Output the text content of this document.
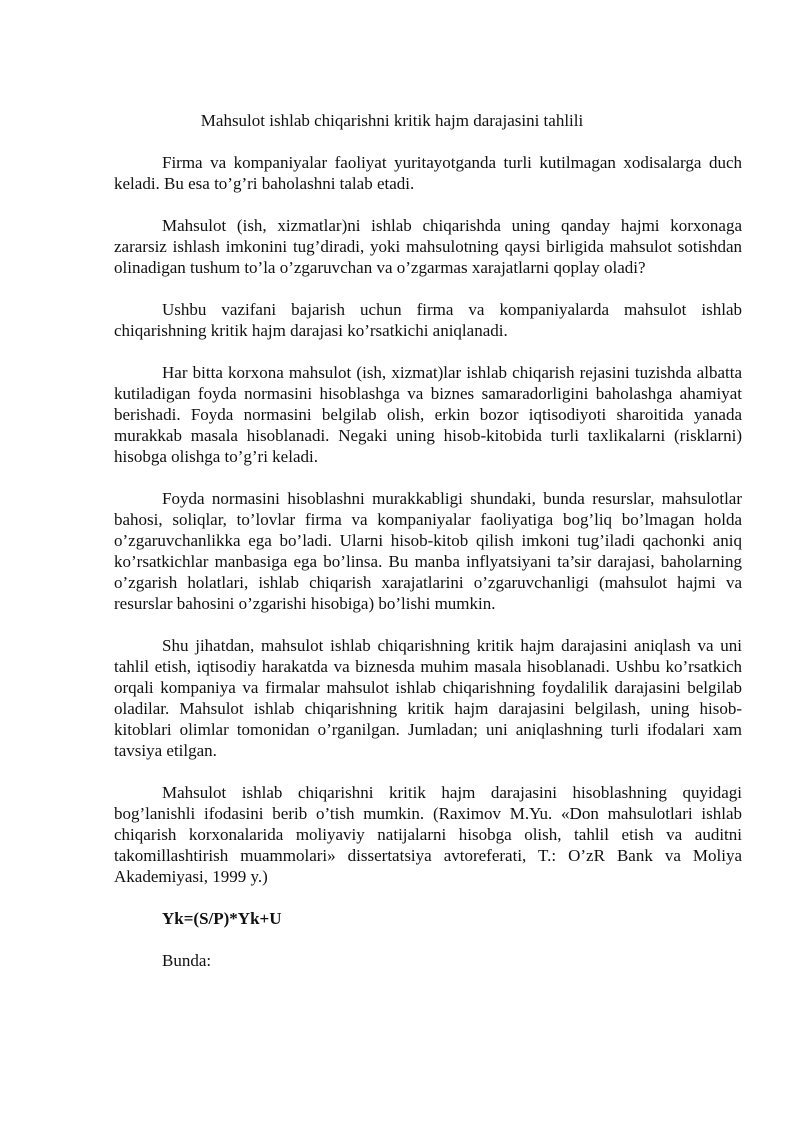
Mahsulot ishlab chiqarishni kritik hajm darajasini tahlili

Firma va kompaniyalar faoliyat yuritayotganda turli kutilmagan xodisalarga duch keladi. Bu esa to’g’ri baholashni talab etadi.

Mahsulot (ish, xizmatlar)ni ishlab chiqarishda uning qanday hajmi korxonaga zararsiz ishlash imkonini tug’diradi, yoki mahsulotning qaysi birligida mahsulot sotishdan olinadigan tushum to’la o’zgaruvchan va o’zgarmas xarajatlarni qoplay oladi?

Ushbu vazifani bajarish uchun firma va kompaniyalarda mahsulot ishlab chiqarishning kritik hajm darajasi ko’rsatkichi aniqlanadi.

Har bitta korxona mahsulot (ish, xizmat)lar ishlab chiqarish rejasini tuzishda albatta kutiladigan foyda normasini hisoblashga va biznes samaradorligini baholashga ahamiyat berishadi. Foyda normasini belgilab olish, erkin bozor iqtisodiyoti sharoitida yanada murakkab masala hisoblanadi. Negaki uning hisob-kitobida turli taxlikalarni (risklarni) hisobga olishga to’g’ri keladi.

Foyda normasini hisoblashni murakkabligi shundaki, bunda resurslar, mahsulotlar bahosi, soliqlar, to’lovlar firma va kompaniyalar faoliyatiga bog’liq bo’lmagan holda o’zgaruvchanlikka ega bo’ladi. Ularni hisob-kitob qilish imkoni tug’iladi qachonki aniq ko’rsatkichlar manbasiga ega bo’linsa. Bu manba inflyatsiyani ta’sir darajasi, baholarning o’zgarish holatlari, ishlab chiqarish xarajatlarini o’zgaruvchanligi (mahsulot hajmi va resurslar bahosini o’zgarishi hisobiga) bo’lishi mumkin.

Shu jihatdan, mahsulot ishlab chiqarishning kritik hajm darajasini aniqlash va uni tahlil etish, iqtisodiy harakatda va biznesda muhim masala hisoblanadi. Ushbu ko’rsatkich orqali kompaniya va firmalar mahsulot ishlab chiqarishning foydalilik darajasini belgilab oladilar. Mahsulot ishlab chiqarishning kritik hajm darajasini belgilash, uning hisob-kitoblari olimlar tomonidan o’rganilgan. Jumladan; uni aniqlashning turli ifodalari xam tavsiya etilgan.

Mahsulot ishlab chiqarishni kritik hajm darajasini hisoblashning quyidagi bog’lanishli ifodasini berib o’tish mumkin. (Raximov M.Yu. «Don mahsulotlari ishlab chiqarish korxonalarida moliyaviy natijalarni hisobga olish, tahlil etish va auditni takomillashtirish muammolari» dissertatsiya avtoreferati, T.: O’zR Bank va Moliya Akademiyasi, 1999 y.)

Yk=(S/P)*Yk+U

Bunda:
